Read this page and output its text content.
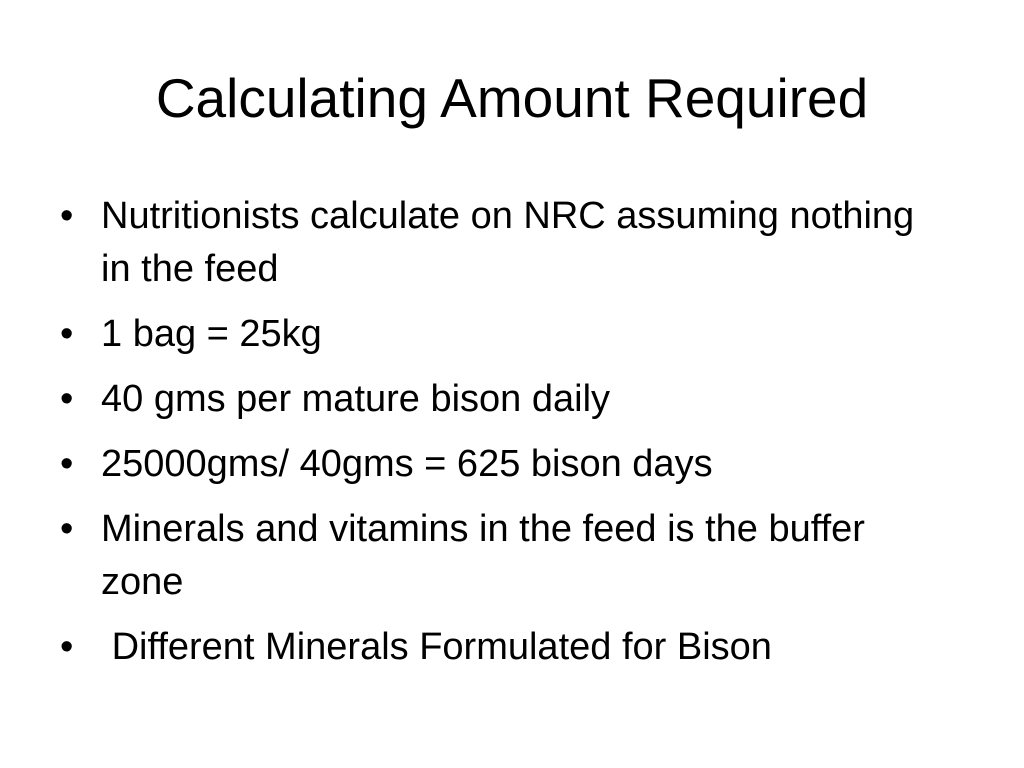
Calculating Amount Required
• Nutritionists calculate on NRC assuming nothing in the feed
• 1 bag = 25kg
• 40 gms per mature bison daily
• 25000gms/ 40gms = 625 bison days
• Minerals and vitamins in the feed is the buffer zone
• Different Minerals Formulated for Bison
